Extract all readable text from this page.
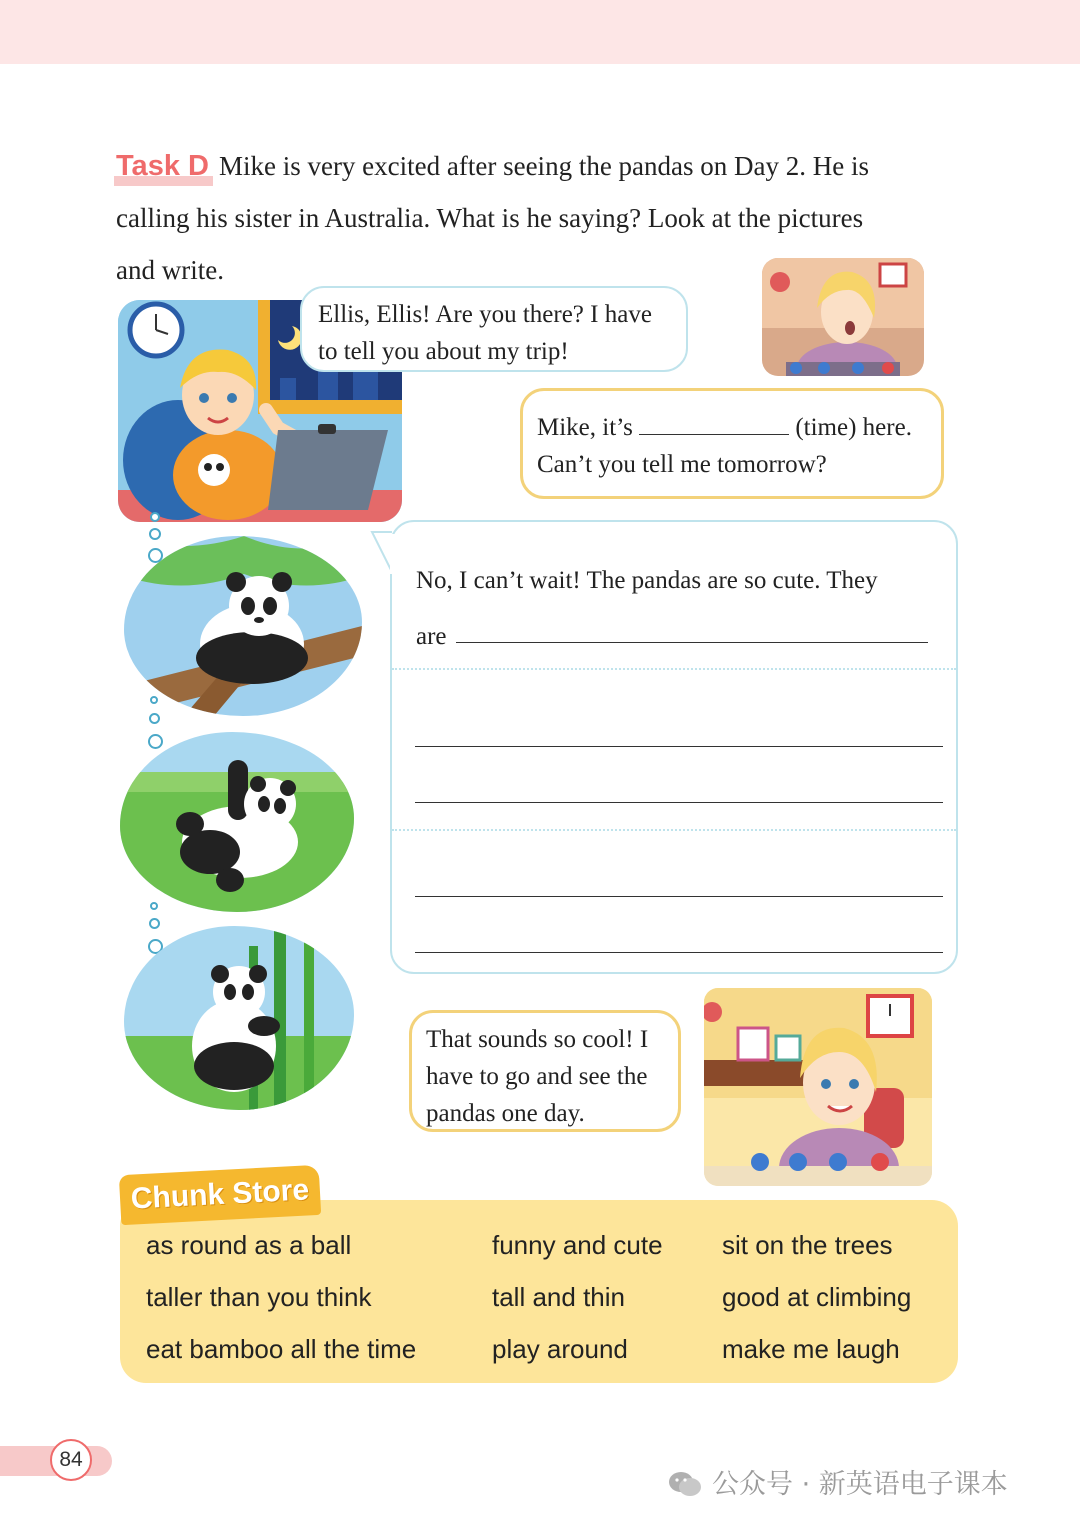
Task D Mike is very excited after seeing the pandas on Day 2. He is
calling his sister in Australia. What is he saying? Look at the pictures
and write.
Ellis, Ellis! Are you there? I have
to tell you about my trip!
Mike, it’s	(time) here.
Can’t you tell me tomorrow?
No, I can’t wait! The pandas are so cute. They
are
That sounds so cool! I
have to go and see the
pandas one day.
Chunk Store
as round as a ball
taller than you think
eat bamboo all the time
funny and cute
tall and thin
play around
sit on the trees
good at climbing
make me laugh
84
公众号 · 新英语电子课本
